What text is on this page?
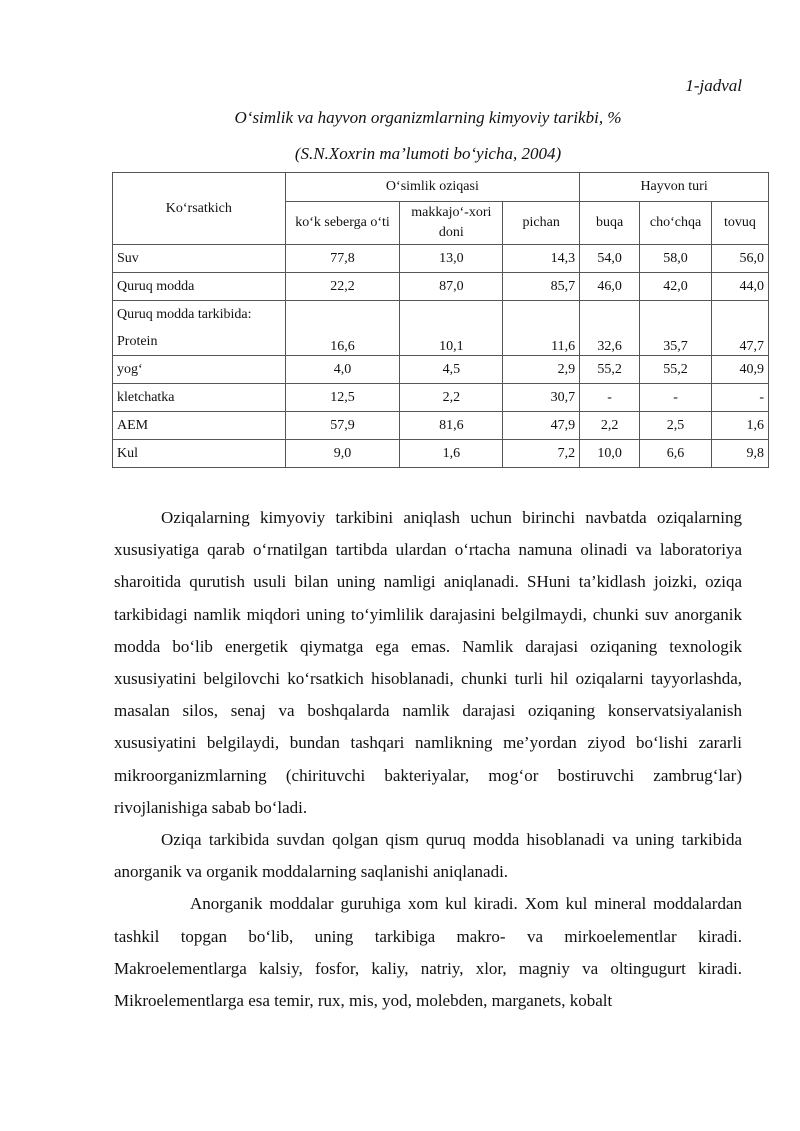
1-jadval
O‘simlik va hayvon organizmlarning kimyoviy tarikbi, %
(S.N.Xoxrin ma’lumoti bo‘yicha, 2004)
Ko‘rsatkich	O‘simlik oziqasi			Hayvon turi		
	ko‘k seberga o‘ti	makkajo‘-xori doni	pichan	buqa	cho‘chqa	tovuq
Suv	77,8	13,0	14,3	54,0	58,0	56,0
Quruq modda	22,2	87,0	85,7	46,0	42,0	44,0

Quruq modda tarkibida:
Protein	16,6	10,1	11,6	32,6	35,7	47,7
yog‘	4,0	4,5	2,9	55,2	55,2	40,9
kletchatka	12,5	2,2	30,7	-	-	-
AEM	57,9	81,6	47,9	2,2	2,5	1,6
Kul	9,0	1,6	7,2	10,0	6,6	9,8

Oziqalarning kimyoviy tarkibini aniqlash uchun birinchi navbatda oziqalarning xususiyatiga qarab o‘rnatilgan tartibda ulardan o‘rtacha namuna olinadi va laboratoriya sharoitida qurutish usuli bilan uning namligi aniqlanadi. SHuni ta’kidlash joizki, oziqa tarkibidagi namlik miqdori uning to‘yimlilik darajasini belgilmaydi, chunki suv anorganik modda bo‘lib energetik qiymatga ega emas. Namlik darajasi oziqaning texnologik xususiyatini belgilovchi ko‘rsatkich hisoblanadi, chunki turli hil oziqalarni tayyorlashda, masalan silos, senaj va boshqalarda namlik darajasi oziqaning konservatsiyalanish xususiyatini belgilaydi, bundan tashqari namlikning me’yordan ziyod bo‘lishi zararli mikroorganizmlarning (chirituvchi bakteriyalar, mog‘or bostiruvchi zambrug‘lar) rivojlanishiga sabab bo‘ladi.

Oziqa tarkibida suvdan qolgan qism quruq modda hisoblanadi va uning tarkibida anorganik va organik moddalarning saqlanishi aniqlanadi.

Anorganik moddalar guruhiga xom kul kiradi. Xom kul mineral moddalardan tashkil topgan bo‘lib, uning tarkibiga makro- va mirkoelementlar kiradi. Makroelementlarga kalsiy, fosfor, kaliy, natriy, xlor, magniy va oltingugurt kiradi. Mikroelementlarga esa temir, rux, mis, yod, molebden, marganets, kobalt
